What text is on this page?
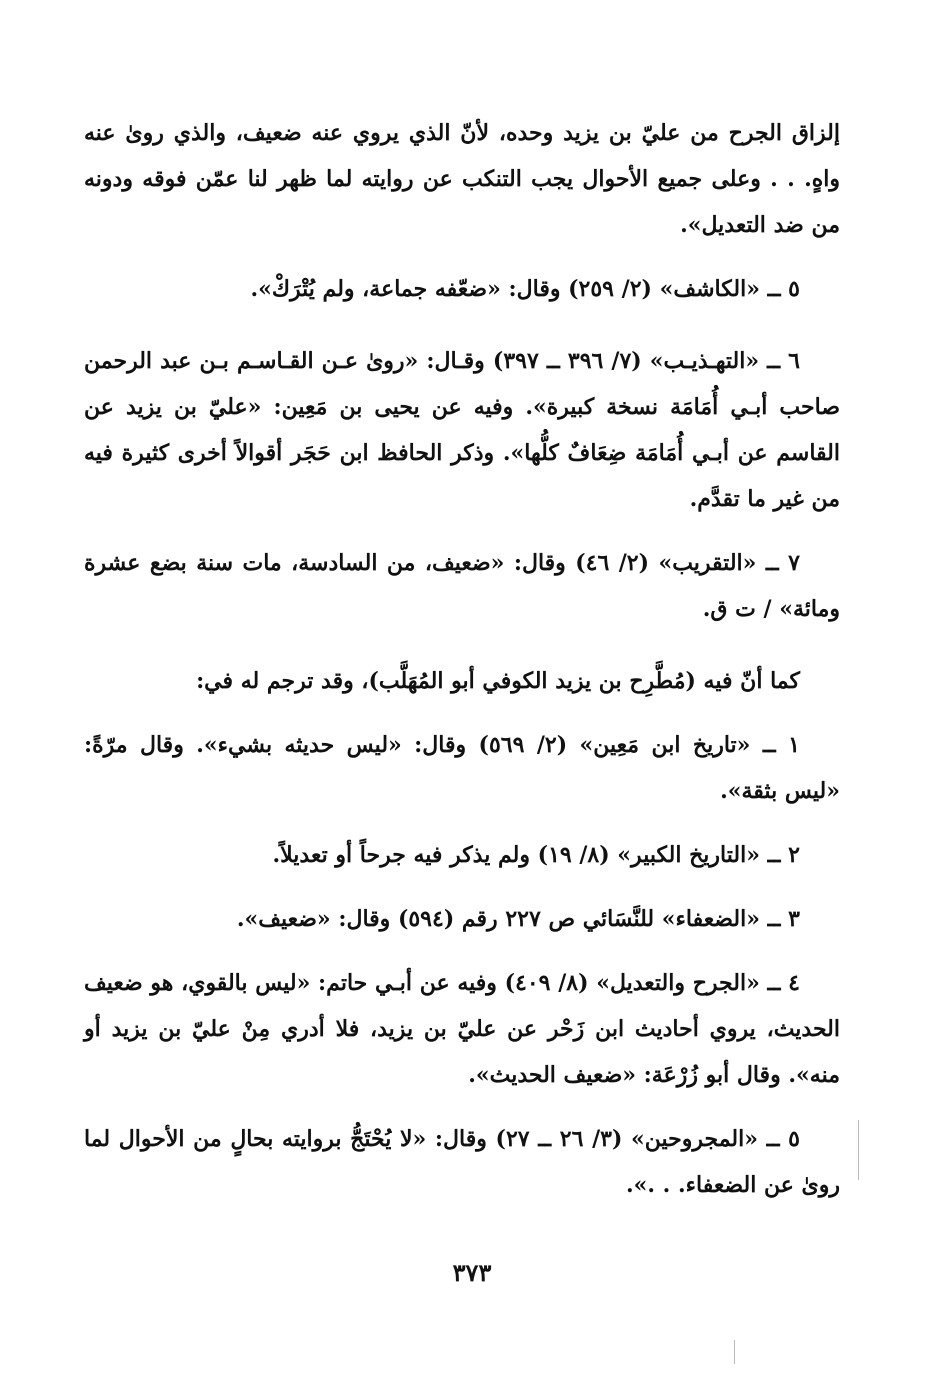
إلزاق الجرح من عليّ بن يزيد وحده، لأنّ الذي يروي عنه ضعيف، والذي روىٰ عنه واهٍ. . . وعلى جميع الأحوال يجب التنكب عن روايته لما ظهر لنا عمّن فوقه ودونه من ضد التعديل».

٥ ــ «الكاشف» (٢/ ٢٥٩) وقال: «ضعّفه جماعة، ولم يُتْرَكْ».

٦ ــ «التهـذيـب» (٧/ ٣٩٦ ــ ٣٩٧) وقـال: «روىٰ عـن القـاسـم بـن عبد الرحمن صاحب أبـي أُمَامَة نسخة كبيرة». وفيه عن يحيى بن مَعِين: «عليّ بن يزيد عن القاسم عن أبـي أُمَامَة ضِعَافٌ كلُّها». وذكر الحافظ ابن حَجَر أقوالاً أخرى كثيرة فيه من غير ما تقدَّم.

٧ ــ «التقريب» (٢/ ٤٦) وقال: «ضعيف، من السادسة، مات سنة بضع عشرة ومائة» / ت ق.

كما أنّ فيه (مُطَّرِح بن يزيد الكوفي أبو المُهَلَّب)، وقد ترجم له في:

١ ــ «تاريخ ابن مَعِين» (٢/ ٥٦٩) وقال: «ليس حديثه بشيء». وقال مرّةً: «ليس بثقة».

٢ ــ «التاريخ الكبير» (٨/ ١٩) ولم يذكر فيه جرحاً أو تعديلاً.

٣ ــ «الضعفاء» للنَّسَائي ص ٢٢٧ رقم (٥٩٤) وقال: «ضعيف».

٤ ــ «الجرح والتعديل» (٨/ ٤٠٩) وفيه عن أبـي حاتم: «ليس بالقوي، هو ضعيف الحديث، يروي أحاديث ابن زَحْر عن عليّ بن يزيد، فلا أدري مِنْ عليّ بن يزيد أو منه». وقال أبو زُرْعَة: «ضعيف الحديث».

٥ ــ «المجروحين» (٣/ ٢٦ ــ ٢٧) وقال: «لا يُحْتَجُّ بروايته بحالٍ من الأحوال لما روىٰ عن الضعفاء. . .».

٣٧٣
